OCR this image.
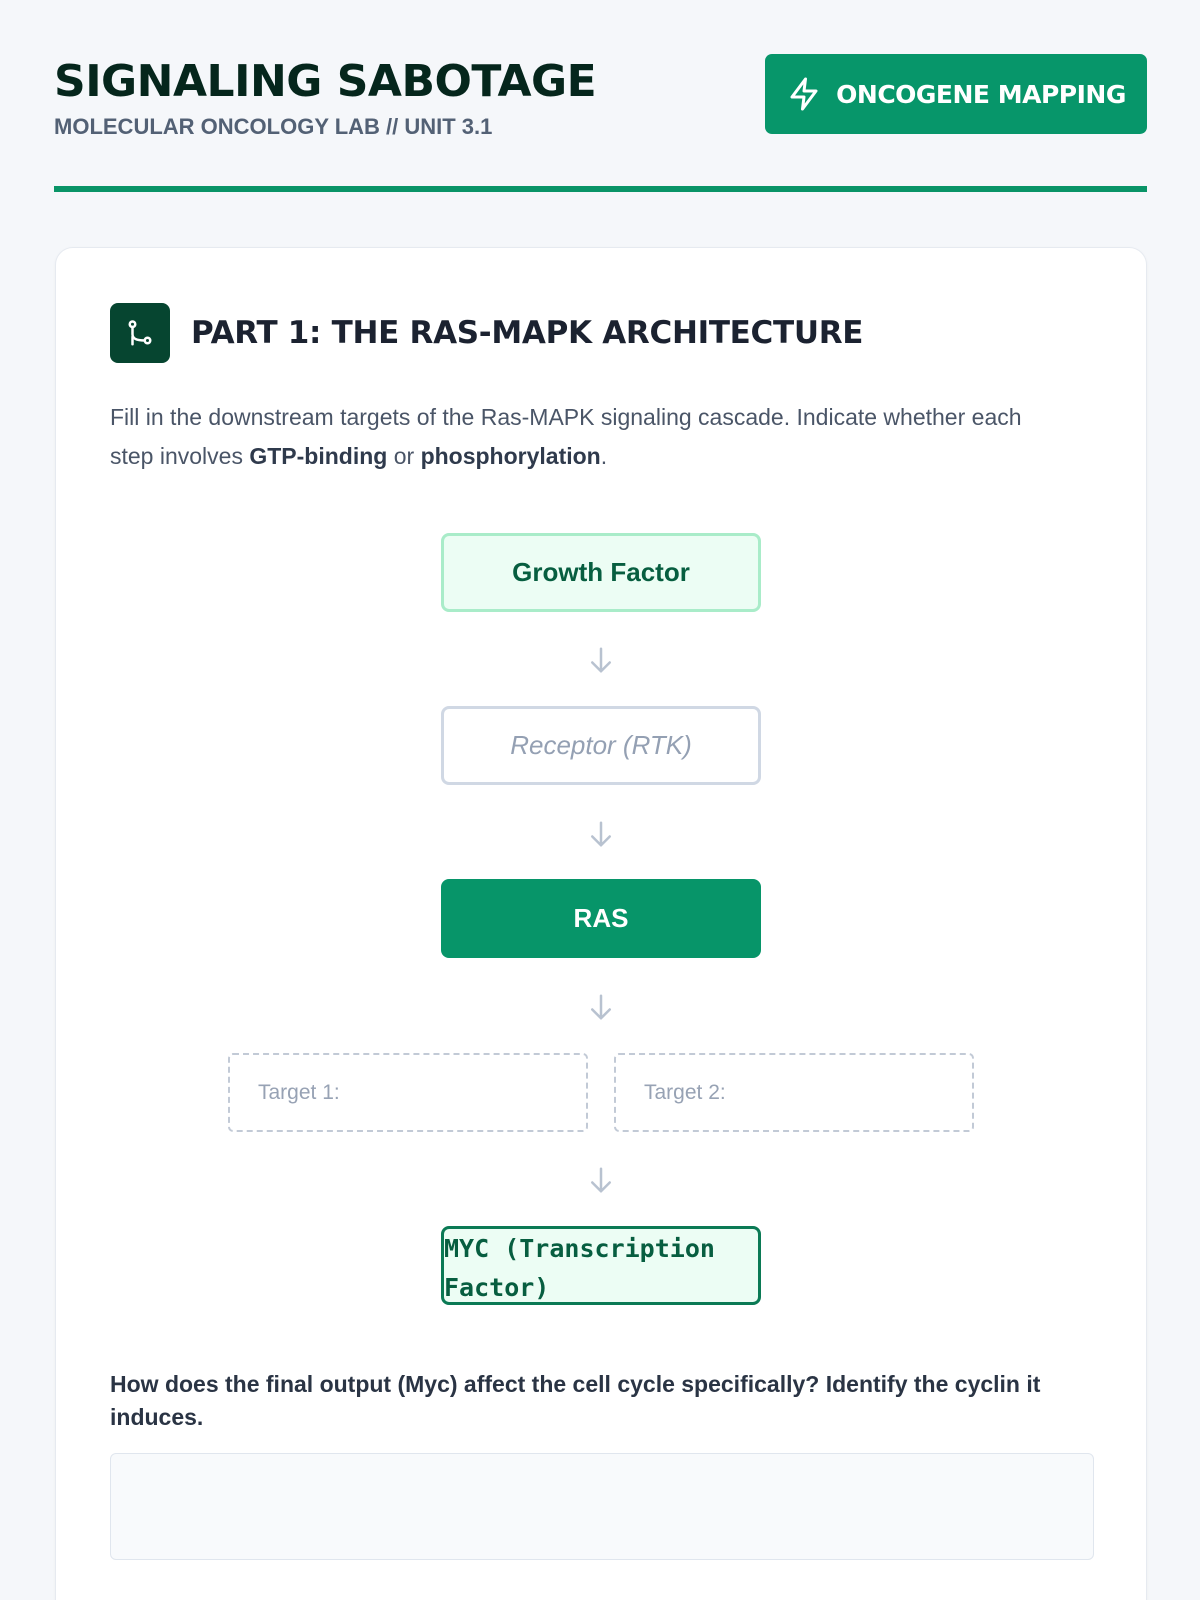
SIGNALING SABOTAGE
MOLECULAR ONCOLOGY LAB // UNIT 3.1
ONCOGENE MAPPING
PART 1: THE RAS-MAPK ARCHITECTURE

Fill in the downstream targets of the Ras-MAPK signaling cascade. Indicate whether each step involves GTP-binding or phosphorylation.

Growth Factor
Receptor (RTK)
RAS
Target 1:
Target 2:
MYC (Transcription Factor)

How does the final output (Myc) affect the cell cycle specifically? Identify the cyclin it induces.
